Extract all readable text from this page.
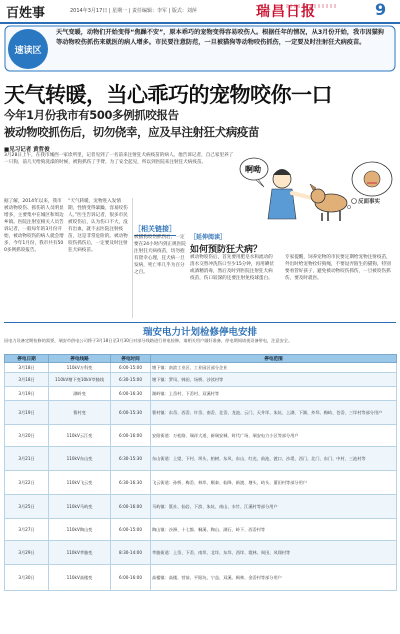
百姓事	2014年3月17日 | 星期一 | 责任编辑：李军 | 版式：刘萍	瑞昌日报	9
速读区
天气变暖，动物们开始变得“焦躁不安”，原本乖巧的宠物变得容易咬伤人。根据任年的情况，从3月份开始，我市因猫狗等动物咬伤抓伤来就医的病人增多。市民要注意防范，一旦被猫狗等动物咬伤抓伤，一定要及时注射狂犬病疫苗。
天气转暖，当心乖巧的宠物咬你一口
今年1月份我市有500多例抓咬报告
被动物咬抓伤后，切勿侥幸，应及早注射狂犬病疫苗
■见习记者 黄哲俊
啊呦
反面事实
3月28日上午，在我市城西一家诊所里，记者见到了一名前来注射狂犬病疫苗的病人。他告诉记者，自己家里养了一只狗，前几天给狗洗澡的时候，被狗抓伤了手臂，为了安全起见，所以到医院来注射狂犬病疫苗。
据了解，2014年以来，我市被动物咬伤、抓伤的人员明显增多，主要集中在城区和周边乡镇。医院注射室相关人员告诉记者，一般每年的3月份开始，被动物咬伤的病人就会增多，今年1月份，我市共有500多例抓咬报告。
“天气转暖，宠物进入发情期，性情变得暴躁，容易咬伤人。”医生告诉记者，很多市民被咬伤后，认为伤口不大，没有出血，就不去医院注射疫苗，这是非常危险的。被动物咬伤抓伤后，一定要及时注射狂犬病疫苗。
［相关链接］
被猫狗咬伤抓伤后，一定要在24小时内到正规医院注射狂犬病疫苗，切勿抱有侥幸心理，狂犬病一旦发病，死亡率几乎为百分之百。
［延伸阅读］
如何预防狂犬病？
被动物咬伤后，首先要用肥皂水和流动的清水交替冲洗伤口至少15分钟，再用碘伏或酒精消毒，然后及时到医院注射狂犬病疫苗，伤口较深的还要注射免疫球蛋白。
专家提醒，饲养宠物的市民要定期给宠物注射疫苗，外出时给宠物拴好狗绳，不要逗弄陌生的猫狗，特别要看管好孩子，避免被动物咬伤抓伤，一旦被咬伤抓伤，要及时就医。
瑞安电力计划检修停电安排
因电力设备定期检修的需要，瑞安市供电公司将于3月18日至3月30日对部分线路进行停电检修，请相关用户做好准备，停电期间请视设备带电，注意安全。
停电日期	停电线路	停电时间	停电范围
3月18日	110kV万科变	6:00-15:00	塘下镇：南滨工业区、工业园区部分企业
3月18日	110kV塘下变10kV莘塍线	6:30-15:00	塘下镇：罗凤、韩田、场桥、沙渎村等
3月19日	湖岭变	6:00-16:30	湖岭镇：上岙村、下岙村、双溪村等
3月19日	曹村变	6:00-15:30	曹村镇：东岙、西岙、许岙、南岙、北岙、龙池、云门、天井垟、朱坑、上湖、下湖、外垟、梅屿、苍岙、三垟村等部分用户
3月20日	110kV云江变	6:00-16:00	安阳街道：万松路、瑞祥大道、新瑞安城、时代广场、瑞安电力小区等部分用户
3月21日	110kV东山变	6:30-15:30	东山街道：上望、下村、坝头、柏树、东风、东山、红光、前池、渡口、沙堤、西门、北门、东门、中村、三池村等
3月22日	110kV飞云变	6:30-16:30	飞云街道：孙桥、梅岙、林垟、顺泰、仙降、新渡、塘头、屿头、董田村等部分用户
3月25日	110kV马屿变	6:00-16:00	马屿镇：篁社、仙岩、下滨、朱坑、南山、水竹、江溪村等部分用户
3月27日	110kV陶山变	6:00-15:00	陶山镇：沙洲、十七都、桐溪、陶山、湖石、岭下、西岙村等
3月29日	110kV莘塍变	8:30-14:00	莘塍街道：上岙、下岙、南垟、北垟、东垟、西垟、霞林、周田、凤翔村等
3月30日	110kV高楼变	6:00-16:00	高楼镇：高楼、营前、平阳坑、宁益、双溪、枫林、金岙村等部分用户
